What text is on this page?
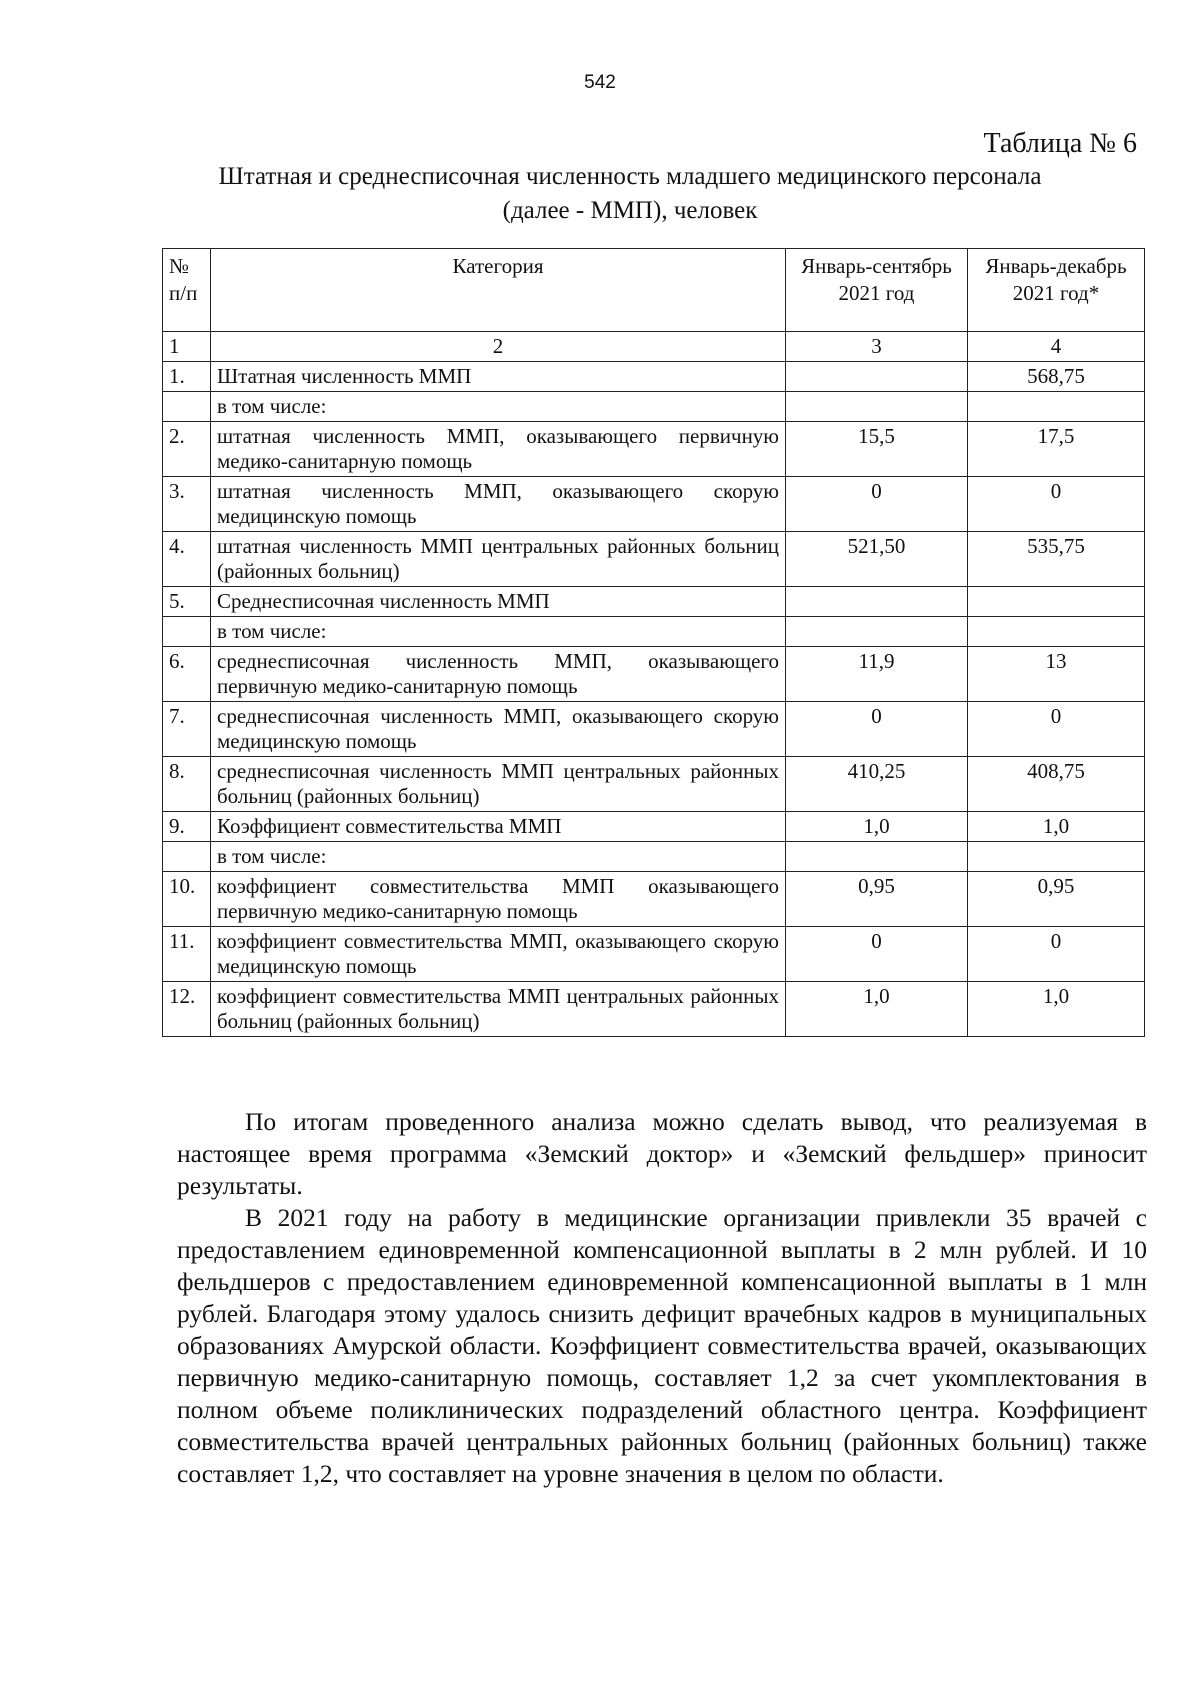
542
Таблица № 6
Штатная и среднесписочная численность младшего медицинского персонала
(далее - ММП), человек
№ п/п	Категория	Январь-сентябрь 2021 год	Январь-декабрь 2021 год*
1	2	3	4
1.	Штатная численность ММП		568,75
	в том числе:		
2.	штатная численность ММП, оказывающего первичную медико-санитарную помощь	15,5	17,5
3.	штатная численность ММП, оказывающего скорую медицинскую помощь	0	0
4.	штатная численность ММП центральных районных больниц (районных больниц)	521,50	535,75
5.	Среднесписочная численность ММП		
	в том числе:		
6.	среднесписочная численность ММП, оказывающего первичную медико-санитарную помощь	11,9	13
7.	среднесписочная численность ММП, оказывающего скорую медицинскую помощь	0	0
8.	среднесписочная численность ММП центральных районных больниц (районных больниц)	410,25	408,75
9.	Коэффициент совместительства ММП	1,0	1,0
	в том числе:		
10.	коэффициент совместительства ММП оказывающего первичную медико-санитарную помощь	0,95	0,95
11.	коэффициент совместительства ММП, оказывающего скорую медицинскую помощь	0	0
12.	коэффициент совместительства ММП центральных районных больниц (районных больниц)	1,0	1,0

По итогам проведенного анализа можно сделать вывод, что реализуемая в настоящее время программа «Земский доктор» и «Земский фельдшер» приносит результаты.

В 2021 году на работу в медицинские организации привлекли 35 врачей с предоставлением единовременной компенсационной выплаты в 2 млн рублей. И 10 фельдшеров с предоставлением единовременной компенсационной выплаты в 1 млн рублей. Благодаря этому удалось снизить дефицит врачебных кадров в муниципальных образованиях Амурской области. Коэффициент совместительства врачей, оказывающих первичную медико-санитарную помощь, составляет 1,2 за счет укомплектования в полном объеме поликлинических подразделений областного центра. Коэффициент совместительства врачей центральных районных больниц (районных больниц) также составляет 1,2, что составляет на уровне значения в целом по области.
